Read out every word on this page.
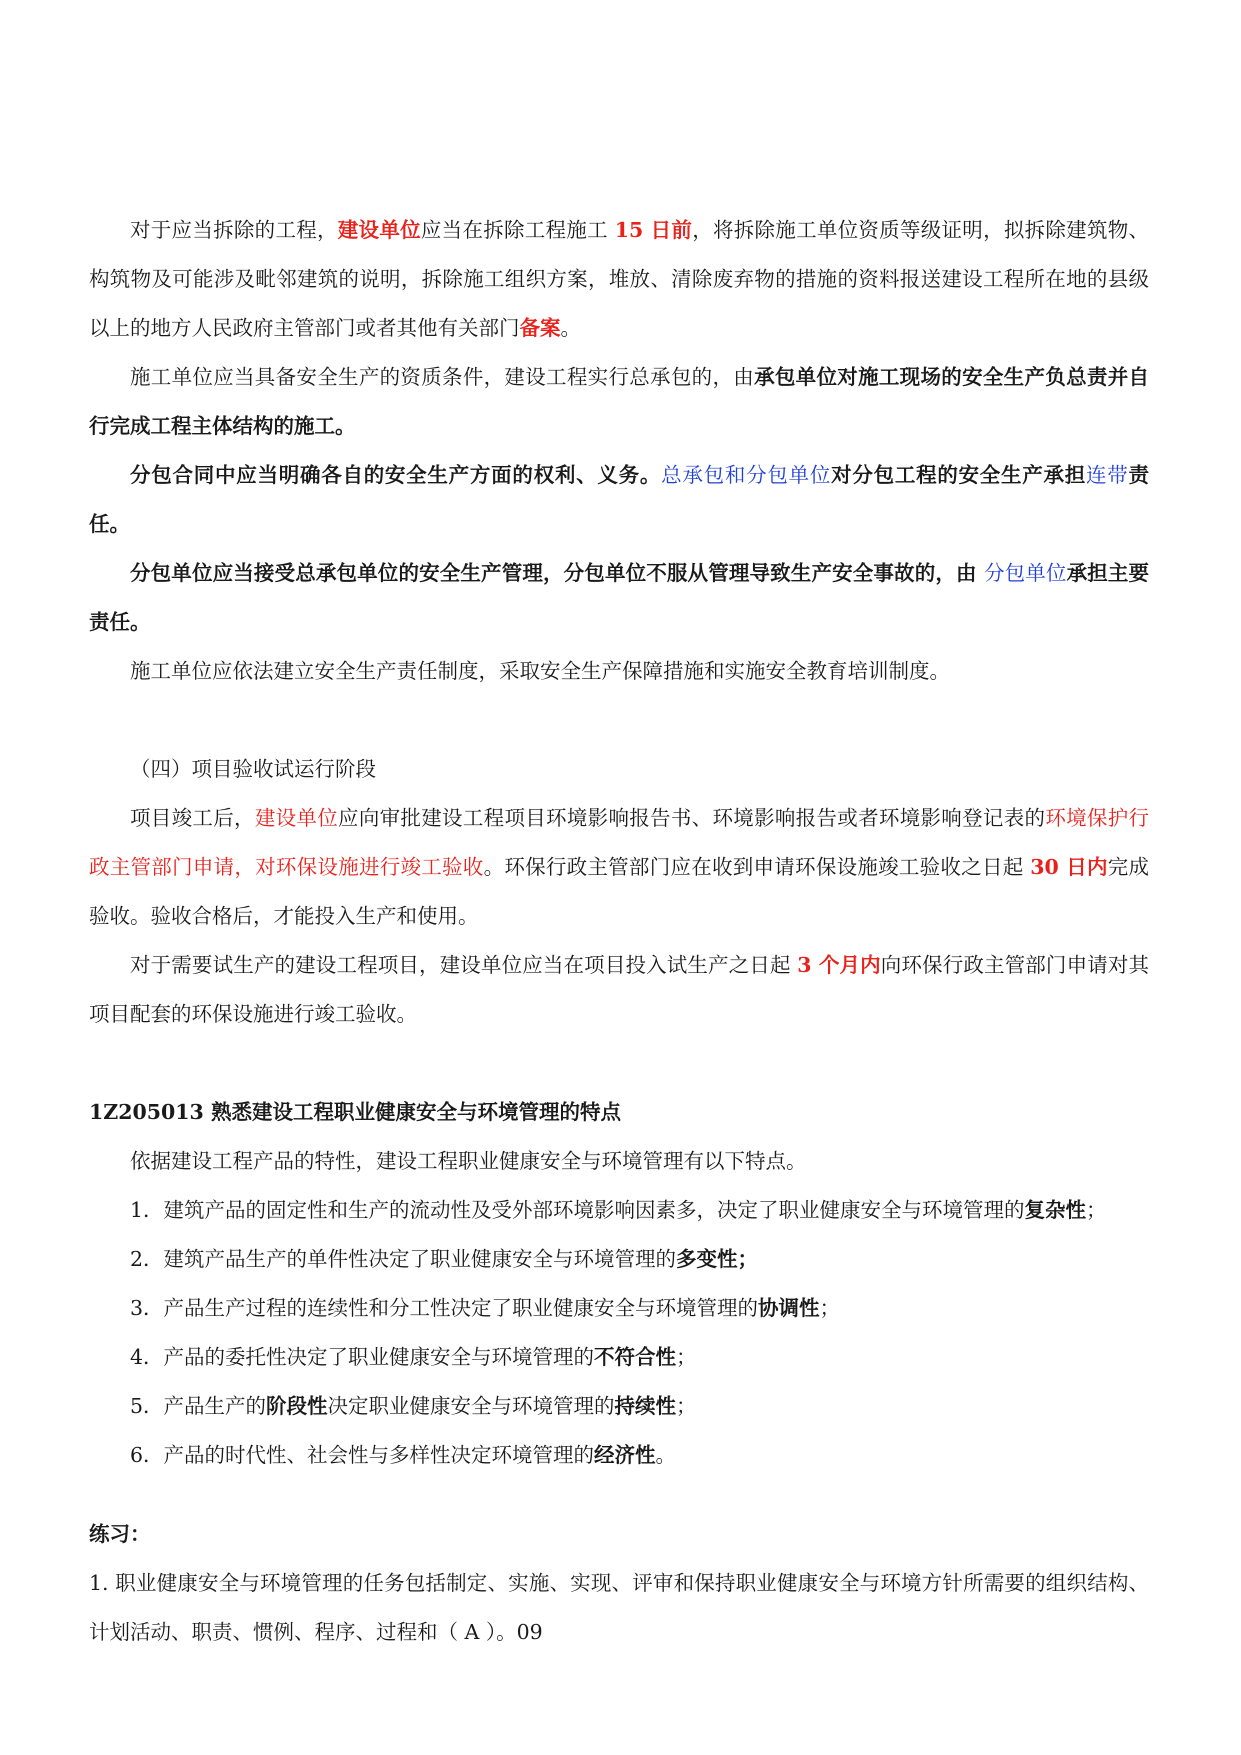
对于应当拆除的工程，建设单位应当在拆除工程施工 15 日前，将拆除施工单位资质等级证明，拟拆除建筑物、构筑物及可能涉及毗邻建筑的说明，拆除施工组织方案，堆放、清除废弃物的措施的资料报送建设工程所在地的县级以上的地方人民政府主管部门或者其他有关部门备案。

施工单位应当具备安全生产的资质条件，建设工程实行总承包的，由承包单位对施工现场的安全生产负总责并自行完成工程主体结构的施工。

分包合同中应当明确各自的安全生产方面的权利、义务。总承包和分包单位对分包工程的安全生产承担连带责任。

分包单位应当接受总承包单位的安全生产管理，分包单位不服从管理导致生产安全事故的，由 分包单位承担主要责任。

施工单位应依法建立安全生产责任制度，采取安全生产保障措施和实施安全教育培训制度。

（四）项目验收试运行阶段

项目竣工后，建设单位应向审批建设工程项目环境影响报告书、环境影响报告或者环境影响登记表的环境保护行政主管部门申请，对环保设施进行竣工验收。环保行政主管部门应在收到申请环保设施竣工验收之日起 30 日内完成验收。验收合格后，才能投入生产和使用。

对于需要试生产的建设工程项目，建设单位应当在项目投入试生产之日起 3 个月内向环保行政主管部门申请对其项目配套的环保设施进行竣工验收。

1Z205013 熟悉建设工程职业健康安全与环境管理的特点

依据建设工程产品的特性，建设工程职业健康安全与环境管理有以下特点。

1．建筑产品的固定性和生产的流动性及受外部环境影响因素多，决定了职业健康安全与环境管理的复杂性；

2．建筑产品生产的单件性决定了职业健康安全与环境管理的多变性；

3．产品生产过程的连续性和分工性决定了职业健康安全与环境管理的协调性；

4．产品的委托性决定了职业健康安全与环境管理的不符合性；

5．产品生产的阶段性决定职业健康安全与环境管理的持续性；

6．产品的时代性、社会性与多样性决定环境管理的经济性。

练习：

1. 职业健康安全与环境管理的任务包括制定、实施、实现、评审和保持职业健康安全与环境方针所需要的组织结构、计划活动、职责、惯例、程序、过程和（ A ）。09
